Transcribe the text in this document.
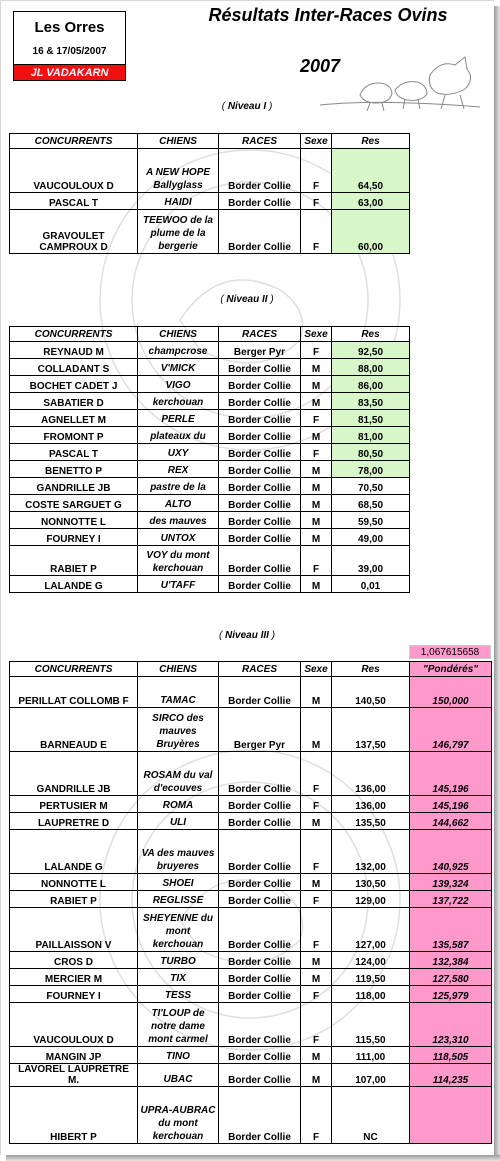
Les Orres
16 & 17/05/2007
JL VADAKARN
Résultats Inter-Races Ovins
2007
( Niveau I )
CONCURRENTS	CHIENS	RACES	Sexe	Res
VAUCOULOUX D	A NEW HOPE Ballyglass	Border Collie	F	64,50
PASCAL T	HAIDI	Border Collie	F	63,00
GRAVOULET CAMPROUX D	TEEWOO de la plume de la bergerie	Border Collie	F	60,00
( Niveau II )
CONCURRENTS	CHIENS	RACES	Sexe	Res
REYNAUD M	champcrose	Berger Pyr	F	92,50
COLLADANT S	V'MICK	Border Collie	M	88,00
BOCHET CADET J	VIGO	Border Collie	M	86,00
SABATIER D	kerchouan	Border Collie	M	83,50
AGNELLET M	PERLE	Border Collie	F	81,50
FROMONT P	plateaux du	Border Collie	M	81,00
PASCAL T	UXY	Border Collie	F	80,50
BENETTO P	REX	Border Collie	M	78,00
GANDRILLE JB	pastre de la	Border Collie	M	70,50
COSTE SARGUET G	ALTO	Border Collie	M	68,50
NONNOTTE L	des mauves	Border Collie	M	59,50
FOURNEY I	UNTOX	Border Collie	M	49,00
RABIET P	VOY du mont kerchouan	Border Collie	F	39,00
LALANDE G	U'TAFF	Border Collie	M	0,01
( Niveau III )
1,067615658
CONCURRENTS	CHIENS	RACES	Sexe	Res	"Pondérés"
PERILLAT COLLOMB F	TAMAC	Border Collie	M	140,50	150,000
BARNEAUD E	SIRCO des mauves Bruyères	Berger Pyr	M	137,50	146,797
GANDRILLE JB	ROSAM du val d'ecouves	Border Collie	F	136,00	145,196
PERTUSIER M	ROMA	Border Collie	F	136,00	145,196
LAUPRETRE D	ULI	Border Collie	M	135,50	144,662
LALANDE G	VA des mauves bruyeres	Border Collie	F	132,00	140,925
NONNOTTE L	SHOEI	Border Collie	M	130,50	139,324
RABIET P	REGLISSE	Border Collie	F	129,00	137,722
PAILLAISSON V	SHEYENNE du mont kerchouan	Border Collie	F	127,00	135,587
CROS D	TURBO	Border Collie	M	124,00	132,384
MERCIER M	TIX	Border Collie	M	119,50	127,580
FOURNEY I	TESS	Border Collie	F	118,00	125,979
VAUCOULOUX D	TI'LOUP de notre dame mont carmel	Border Collie	F	115,50	123,310
MANGIN JP	TINO	Border Collie	M	111,00	118,505
LAVOREL LAUPRETRE M.	UBAC	Border Collie	M	107,00	114,235
HIBERT P	UPRA-AUBRAC du mont kerchouan	Border Collie	F	NC	
